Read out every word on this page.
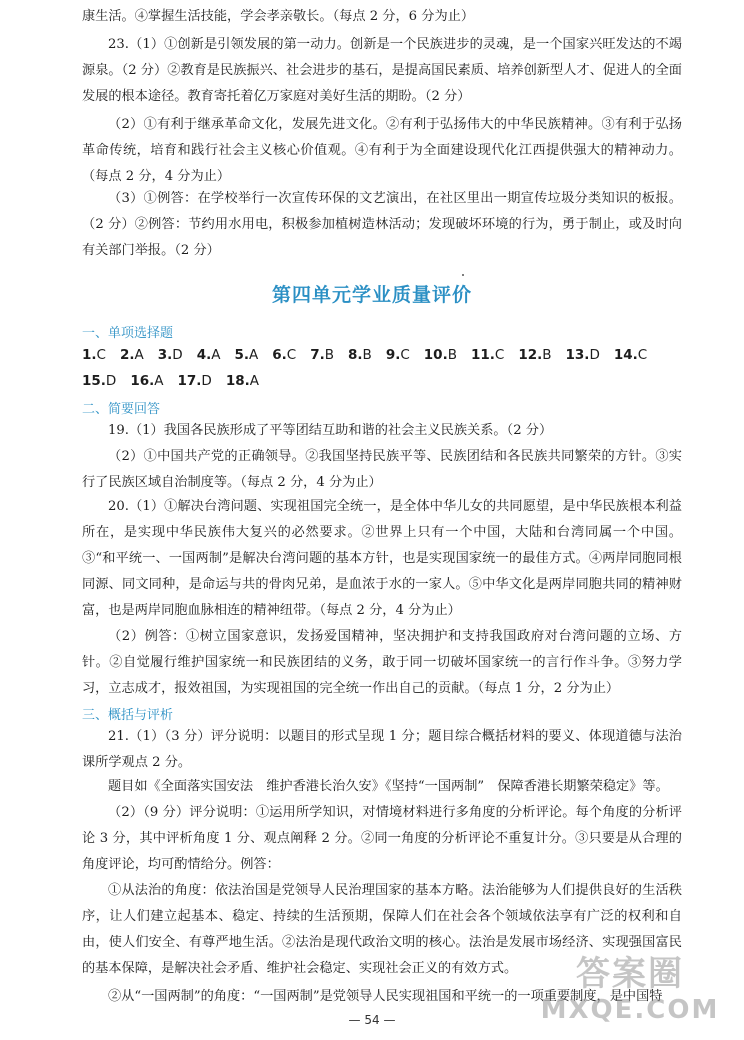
康生活。④掌握生活技能，学会孝亲敬长。（每点 2 分，6 分为止）

23.（1）①创新是引领发展的第一动力。创新是一个民族进步的灵魂，是一个国家兴旺发达的不竭源泉。（2 分）②教育是民族振兴、社会进步的基石，是提高国民素质、培养创新型人才、促进人的全面发展的根本途径。教育寄托着亿万家庭对美好生活的期盼。（2 分）

（2）①有利于继承革命文化，发展先进文化。②有利于弘扬伟大的中华民族精神。③有利于弘扬革命传统，培育和践行社会主义核心价值观。④有利于为全面建设现代化江西提供强大的精神动力。（每点 2 分，4 分为止）

（3）①例答：在学校举行一次宣传环保的文艺演出，在社区里出一期宣传垃圾分类知识的板报。（2 分）②例答：节约用水用电，积极参加植树造林活动；发现破坏环境的行为，勇于制止，或及时向有关部门举报。（2 分）

第四单元学业质量评价
一、单项选择题
1.C 2.A 3.D 4.A 5.A 6.C 7.B 8.B 9.C 10.B 11.C 12.B 13.D 14.C15.D 16.A 17.D 18.A
二、简要回答

19.（1）我国各民族形成了平等团结互助和谐的社会主义民族关系。（2 分）

（2）①中国共产党的正确领导。②我国坚持民族平等、民族团结和各民族共同繁荣的方针。③实行了民族区域自治制度等。（每点 2 分，4 分为止）

20.（1）①解决台湾问题、实现祖国完全统一，是全体中华儿女的共同愿望，是中华民族根本利益所在，是实现中华民族伟大复兴的必然要求。②世界上只有一个中国，大陆和台湾同属一个中国。③“和平统一、一国两制”是解决台湾问题的基本方针，也是实现国家统一的最佳方式。④两岸同胞同根同源、同文同种，是命运与共的骨肉兄弟，是血浓于水的一家人。⑤中华文化是两岸同胞共同的精神财富，也是两岸同胞血脉相连的精神纽带。（每点 2 分，4 分为止）

（2）例答：①树立国家意识，发扬爱国精神，坚决拥护和支持我国政府对台湾问题的立场、方针。②自觉履行维护国家统一和民族团结的义务，敢于同一切破坏国家统一的言行作斗争。③努力学习，立志成才，报效祖国，为实现祖国的完全统一作出自己的贡献。（每点 1 分，2 分为止）

三、概括与评析

21.（1）（3 分）评分说明：以题目的形式呈现 1 分；题目综合概括材料的要义、体现道德与法治课所学观点 2 分。

题目如《全面落实国安法　维护香港长治久安》《坚持“一国两制”　保障香港长期繁荣稳定》等。

（2）（9 分）评分说明：①运用所学知识，对情境材料进行多角度的分析评论。每个角度的分析评论 3 分，其中评析角度 1 分、观点阐释 2 分。②同一角度的分析评论不重复计分。③只要是从合理的角度评论，均可酌情给分。例答：

①从法治的角度：依法治国是党领导人民治理国家的基本方略。法治能够为人们提供良好的生活秩序，让人们建立起基本、稳定、持续的生活预期，保障人们在社会各个领域依法享有广泛的权利和自由，使人们安全、有尊严地生活。②法治是现代政治文明的核心。法治是发展市场经济、实现强国富民的基本保障，是解决社会矛盾、维护社会稳定、实现社会正义的有效方式。

②从“一国两制”的角度：“一国两制”是党领导人民实现祖国和平统一的一项重要制度，是中国特

— 54 —
答案圈
MXQE.COM
